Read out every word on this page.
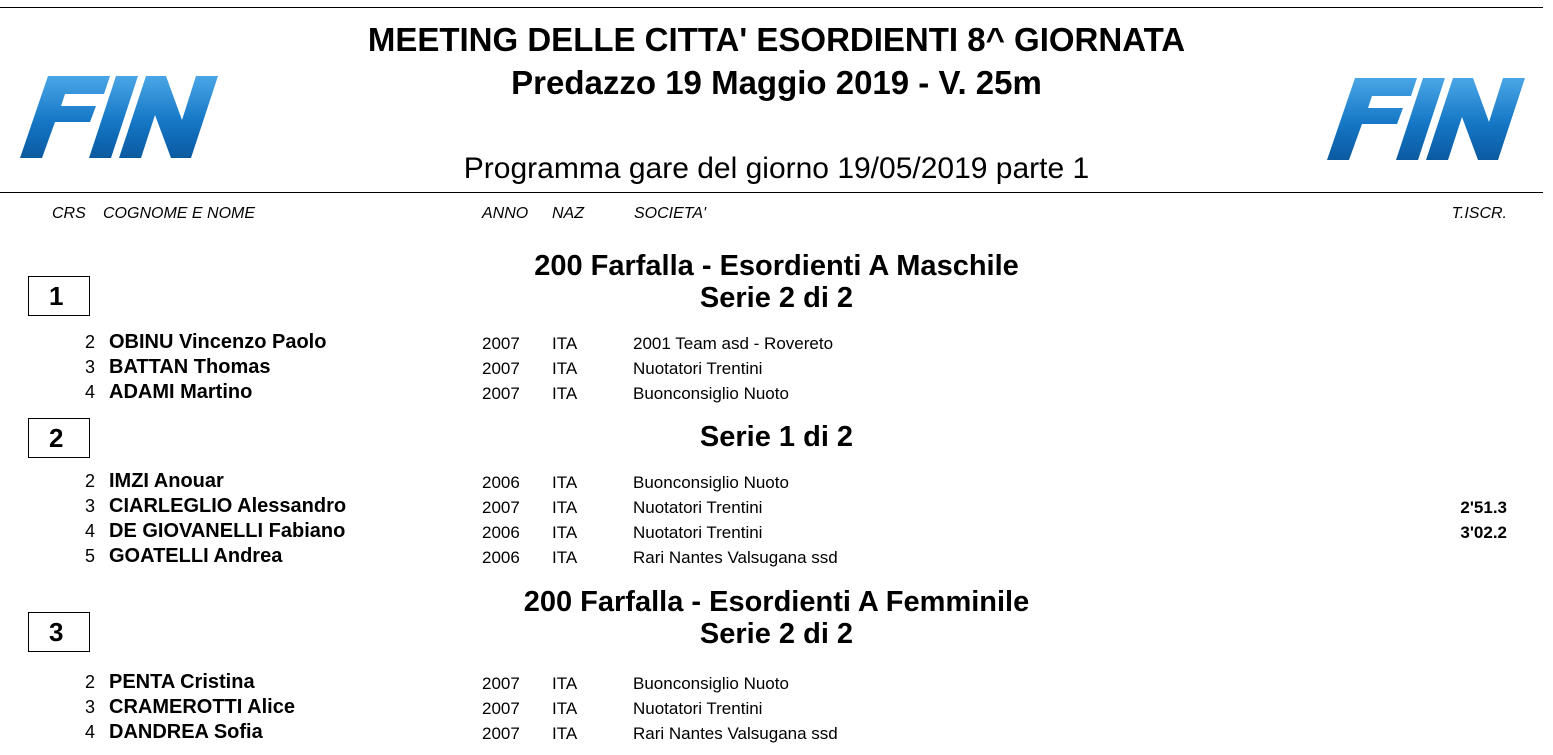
MEETING DELLE CITTA' ESORDIENTI 8^ GIORNATA
Predazzo 19 Maggio 2019 - V. 25m
Programma gare del giorno 19/05/2019 parte 1
CRS COGNOME E NOME	ANNO NAZ	SOCIETA'	T.ISCR.
200 Farfalla - Esordienti A Maschile
1	Serie 2 di 2
2 OBINU Vincenzo Paolo	2007 ITA	2001 Team asd - Rovereto
3 BATTAN Thomas	2007 ITA	Nuotatori Trentini
4 ADAMI Martino	2007 ITA	Buonconsiglio Nuoto
2	Serie 1 di 2
2 IMZI Anouar	2006 ITA	Buonconsiglio Nuoto
3 CIARLEGLIO Alessandro	2007 ITA	Nuotatori Trentini	2'51.3
4 DE GIOVANELLI Fabiano	2006 ITA	Nuotatori Trentini	3'02.2
5 GOATELLI Andrea	2006 ITA	Rari Nantes Valsugana ssd
200 Farfalla - Esordienti A Femminile
3	Serie 2 di 2
2 PENTA Cristina	2007 ITA	Buonconsiglio Nuoto
3 CRAMEROTTI Alice	2007 ITA	Nuotatori Trentini
4 DANDREA Sofia	2007 ITA	Rari Nantes Valsugana ssd
